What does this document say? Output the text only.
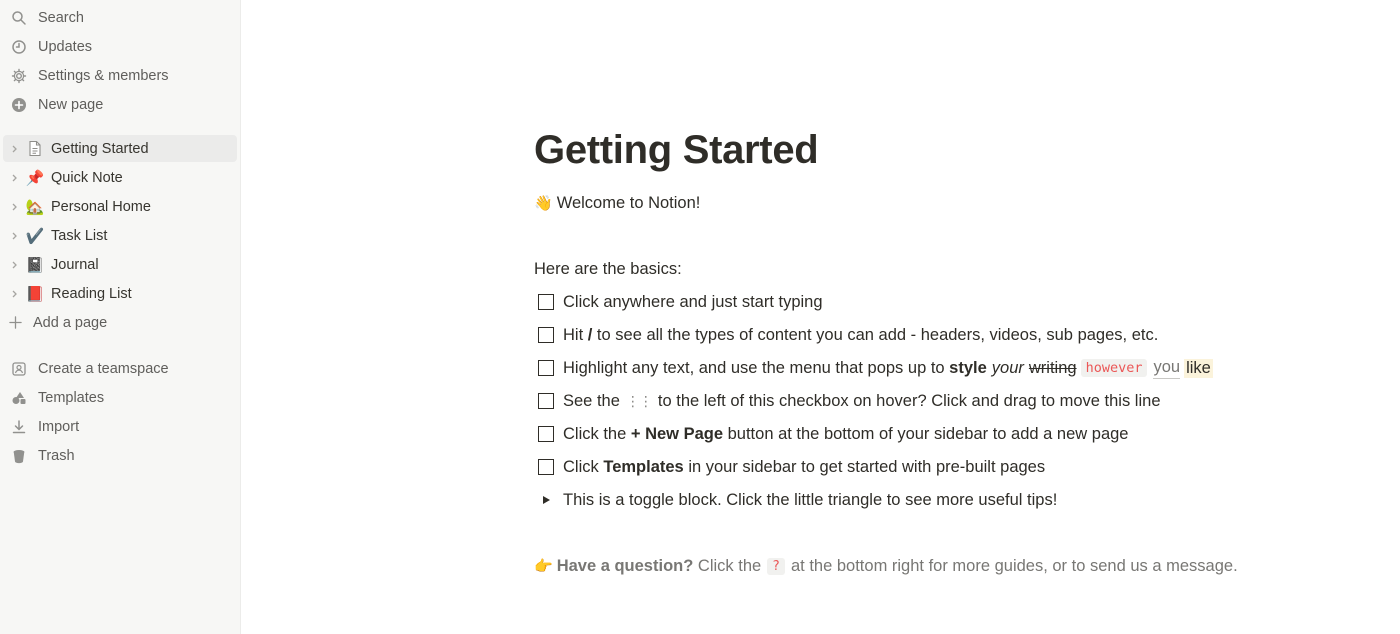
Search
Updates
Settings & members
New page
Getting Started
📌 Quick Note
🏡 Personal Home
✔️ Task List
📓 Journal
📕 Reading List
Add a page
Create a teamspace
Templates
Import
Trash
Getting Started
👋 Welcome to Notion!
Here are the basics:
Click anywhere and just start typing
Hit / to see all the types of content you can add - headers, videos, sub pages, etc.
Highlight any text, and use the menu that pops up to style your writing however you like
See the ⋮⋮ to the left of this checkbox on hover? Click and drag to move this line
Click the + New Page button at the bottom of your sidebar to add a new page
Click Templates in your sidebar to get started with pre-built pages
This is a toggle block. Click the little triangle to see more useful tips!
👉 Have a question? Click the ? at the bottom right for more guides, or to send us a message.
